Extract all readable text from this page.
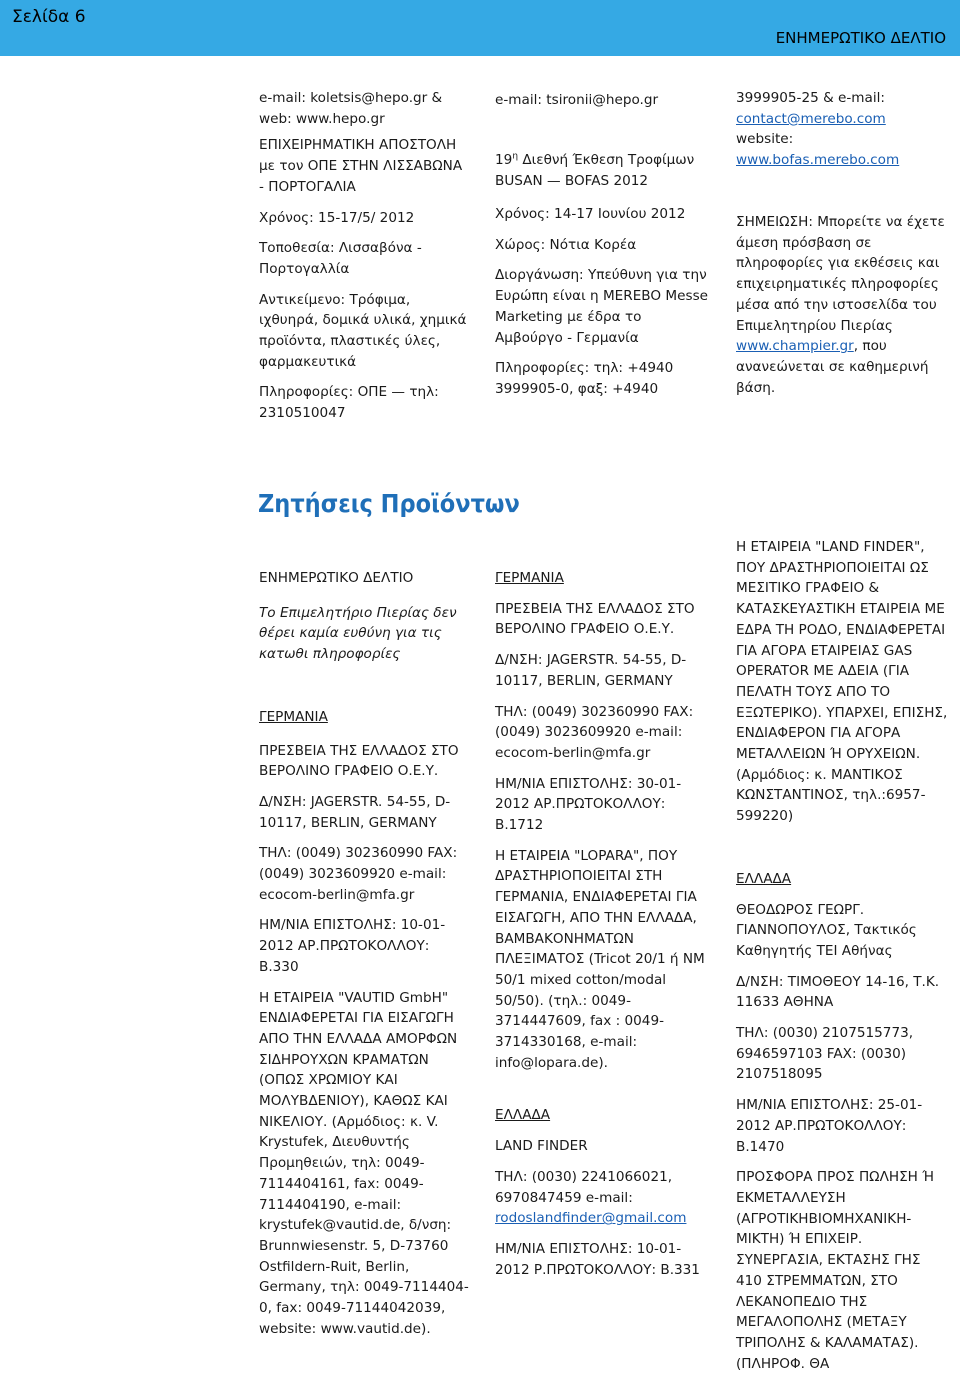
Σελίδα 6
ΕΝΗΜΕΡΩΤΙΚΟ ΔΕΛΤΙΟ

e-mail: koletsis@hepo.gr &

web: www.hepo.gr

ΕΠΙΧΕΙΡΗΜΑΤΙΚΗ ΑΠΟΣΤΟΛΗ με τον ΟΠΕ ΣΤΗΝ ΛΙΣΣΑΒΩΝΑ - ΠΟΡΤΟΓΑΛΙΑ

Χρόνος: 15-17/5/ 2012

Τοποθεσία: Λισσαβόνα - Πορτογαλλία

Αντικείμενο: Τρόφιμα, ιχθυηρά, δομικά υλικά, χημικά προϊόντα, πλαστικές ύλες, φαρμακευτικά

Πληροφορίες: ΟΠΕ — τηλ: 2310510047

e-mail: tsironii@hepo.gr

$19^\eta$ Διεθνή Έκθεση Τροφίμων BUSAN — BOFAS 2012

Χρόνος: 14-17 Ιουνίου 2012

Χώρος: Νότια Κορέα

Διοργάνωση: Υπεύθυνη για την Ευρώπη είναι η MEREBO Messe Marketing με έδρα το Αμβούργο - Γερμανία

Πληροφορίες: τηλ: +4940 3999905-0, φαξ: +4940

3999905-25 & e-mail:

contact@merebo.com

website:

www.bofas.merebo.com

ΣΗΜΕΙΩΣΗ: Μπορείτε να έχετε άμεση πρόσβαση σε πληροφορίες για εκθέσεις και επιχειρηματικές πληροφορίες μέσα από την ιστοσελίδα του Επιμελητηρίου Πιερίας www.champier.gr, που ανανεώνεται σε καθημερινή βάση.

Ζητήσεις Προϊόντων

ΕΝΗΜΕΡΩΤΙΚΟ ΔΕΛΤΙΟ

Το Επιμελητήριο Πιερίας δεν θέρει καμία ευθύνη για τις κατωθι πληροφορίες

ΓΕΡΜΑΝΙΑ

ΠΡΕΣΒΕΙΑ ΤΗΣ ΕΛΛΑΔΟΣ ΣΤΟ ΒΕΡΟΛΙΝΟ ΓΡΑΦΕΙΟ Ο.Ε.Υ.

Δ/ΝΣΗ: JAGERSTR. 54-55, D-10117, BERLIN, GERMANY

ΤΗΛ: (0049) 302360990 FAX: (0049) 3023609920 e-mail: ecocom-berlin@mfa.gr

ΗΜ/ΝΙΑ ΕΠΙΣΤΟΛΗΣ: 10-01-2012 ΑΡ.ΠΡΩΤΟΚΟΛΛΟΥ: Β.330

Η ΕΤΑΙΡΕΙΑ "VAUTID GmbH" ΕΝΔΙΑΦΕΡΕΤΑΙ ΓΙΑ ΕΙΣΑΓΩΓΗ ΑΠΟ ΤΗΝ ΕΛΛΑΔΑ ΑΜΟΡΦΩΝ ΣΙΔΗΡΟΥΧΩΝ ΚΡΑΜΑΤΩΝ (ΟΠΩΣ ΧΡΩΜΙΟΥ ΚΑΙ ΜΟΛΥΒΔΕΝΙΟΥ), ΚΑΘΩΣ ΚΑΙ ΝΙΚΕΛΙΟΥ. (Αρμόδιος: κ. V. Krystufek, Διευθυντής Προμηθειών, τηλ: 0049-7114404161, fax: 0049-7114404190, e-mail: krystufek@vautid.de, δ/νση: Brunnwiesenstr. 5, D-73760 Ostfildern-Ruit, Berlin, Germany, τηλ: 0049-7114404-0, fax: 0049-71144042039, website: www.vautid.de).

ΓΕΡΜΑΝΙΑ

ΠΡΕΣΒΕΙΑ ΤΗΣ ΕΛΛΑΔΟΣ ΣΤΟ ΒΕΡΟΛΙΝΟ ΓΡΑΦΕΙΟ Ο.Ε.Υ.

Δ/ΝΣΗ: JAGERSTR. 54-55, D-10117, BERLIN, GERMANY

ΤΗΛ: (0049) 302360990 FAX: (0049) 3023609920 e-mail: ecocom-berlin@mfa.gr

ΗΜ/ΝΙΑ ΕΠΙΣΤΟΛΗΣ: 30-01-2012 ΑΡ.ΠΡΩΤΟΚΟΛΛΟΥ: Β.1712

Η ΕΤΑΙΡΕΙΑ "LOPARA", ΠΟΥ ΔΡΑΣΤΗΡΙΟΠΟΙΕΙΤΑΙ ΣΤΗ ΓΕΡΜΑΝΙΑ, ΕΝΔΙΑΦΕΡΕΤΑΙ ΓΙΑ ΕΙΣΑΓΩΓΗ, ΑΠΟ ΤΗΝ ΕΛΛΑΔΑ, ΒΑΜΒΑΚΟΝΗΜΑΤΩΝ ΠΛΕΞΙΜΑΤΟΣ (Tricot 20/1 ή ΝΜ 50/1 mixed cotton/modal 50/50). (τηλ.: 0049-3714447609, fax : 0049-3714330168, e-mail: info@lopara.de).

ΕΛΛΑΔΑ

LAND FINDER

ΤΗΛ: (0030) 2241066021, 6970847459 e-mail: rodoslandfinder@gmail.com

ΗΜ/ΝΙΑ ΕΠΙΣΤΟΛΗΣ: 10-01-2012 Ρ.ΠΡΩΤΟΚΟΛΛΟΥ: Β.331

Η ΕΤΑΙΡΕΙΑ "LAND FINDER", ΠΟΥ ΔΡΑΣΤΗΡΙΟΠΟΙΕΙΤΑΙ ΩΣ ΜΕΣΙΤΙΚΟ ΓΡΑΦΕΙΟ & ΚΑΤΑΣΚΕΥΑΣΤΙΚΗ ΕΤΑΙΡΕΙΑ ΜΕ ΕΔΡΑ ΤΗ ΡΟΔΟ, ΕΝΔΙΑΦΕΡΕΤΑΙ ΓΙΑ ΑΓΟΡΑ ΕΤΑΙΡΕΙΑΣ GAS OPERATOR ΜΕ ΑΔΕΙΑ (ΓΙΑ ΠΕΛΑΤΗ ΤΟΥΣ ΑΠΟ ΤΟ ΕΞΩΤΕΡΙΚΟ). ΥΠΑΡΧΕΙ, ΕΠΙΣΗΣ, ΕΝΔΙΑΦΕΡΟΝ ΓΙΑ ΑΓΟΡΑ ΜΕΤΑΛΛΕΙΩΝ Ή ΟΡΥΧΕΙΩΝ. (Αρμόδιος: κ. ΜΑΝΤΙΚΟΣ ΚΩΝΣΤΑΝΤΙΝΟΣ, τηλ.:6957-599220)

ΕΛΛΑΔΑ

ΘΕΟΔΩΡΟΣ ΓΕΩΡΓ. ΓΙΑΝΝΟΠΟΥΛΟΣ, Τακτικός Καθηγητής ΤΕΙ Αθήνας

Δ/ΝΣΗ: ΤΙΜΟΘΕΟΥ 14-16, Τ.Κ. 11633 ΑΘΗΝΑ

ΤΗΛ: (0030) 2107515773, 6946597103 FAX: (0030) 2107518095

ΗΜ/ΝΙΑ ΕΠΙΣΤΟΛΗΣ: 25-01-2012 ΑΡ.ΠΡΩΤΟΚΟΛΛΟΥ: Β.1470

ΠΡΟΣΦΟΡΑ ΠΡΟΣ ΠΩΛΗΣΗ Ή ΕΚΜΕΤΑΛΛΕΥΣΗ (ΑΓΡΟΤΙΚΗΒΙΟΜΗΧΑΝΙΚΗ-ΜΙΚΤΗ) Ή ΕΠΙΧΕΙΡ. ΣΥΝΕΡΓΑΣΙΑ, ΕΚΤΑΣΗΣ ΓΗΣ 410 ΣΤΡΕΜΜΑΤΩΝ, ΣΤΟ ΛΕΚΑΝΟΠΕΔΙΟ ΤΗΣ ΜΕΓΑΛΟΠΟΛΗΣ (ΜΕΤΑΞΥ ΤΡΙΠΟΛΗΣ & ΚΑΛΑΜΑΤΑΣ). (ΠΛΗΡΟΦ. ΘΑ
